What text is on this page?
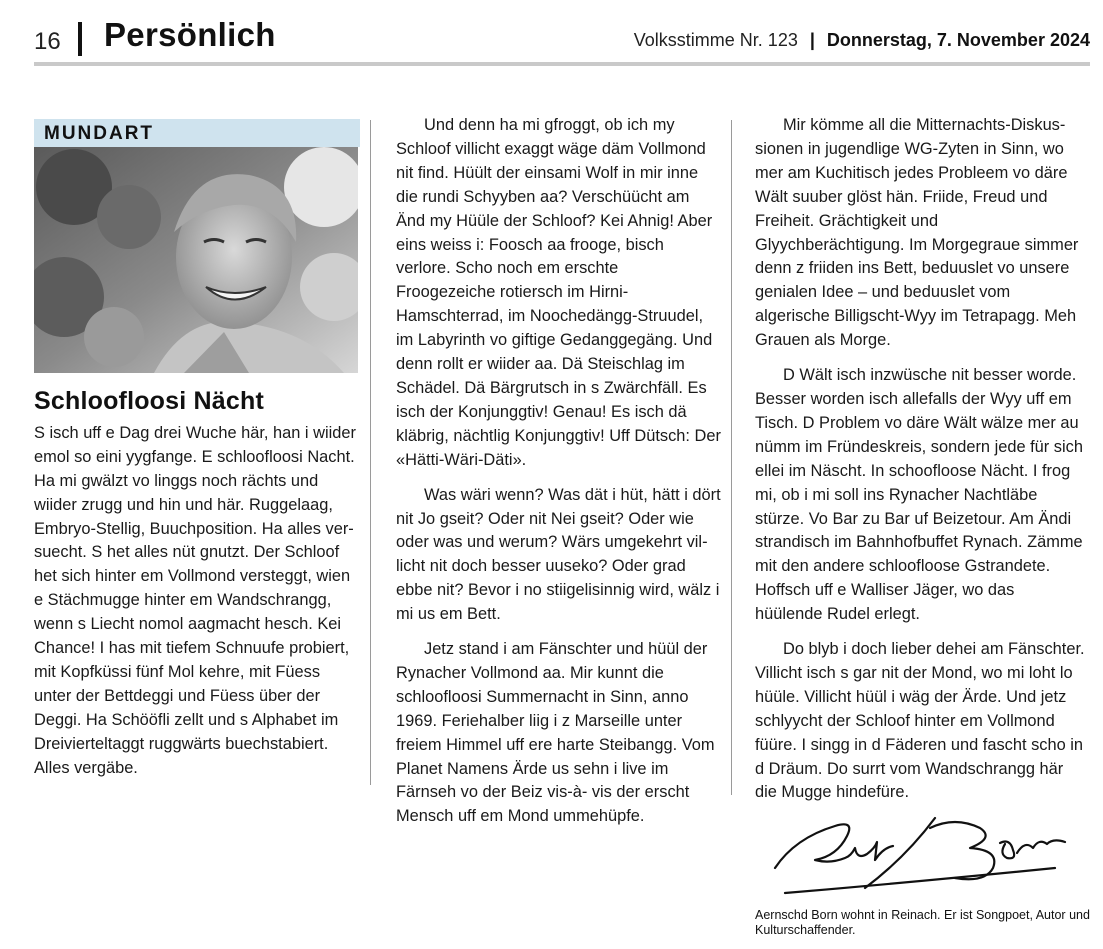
16 Persönlich	Volksstimme Nr. 123 | Donnerstag, 7. November 2024
MUNDART

Schloofloosi Nächt

S isch uff e Dag drei Wuche här, han i wiider emol so eini yygfange. E schloofloosi Nacht. Ha mi gwälzt vo linggs noch rächts und wiider zrugg und hin und här. Ruggelaag, Embryo-Stellig, Buuchposition. Ha alles versuecht. S het alles nüt gnutzt. Der Schloof het sich hinter em Vollmond versteggt, wien e Stächmugge hinter em Wandschrangg, wenn s Liecht nomol aagmacht hesch. Kei Chance! I has mit tiefem Schnuufe probiert, mit Kopfküssi fünf Mol kehre, mit Füess unter der Bettdeggi und Füess über der Deggi. Ha Schööfli zellt und s Alphabet im Dreivierteltaggt ruggwärts buechstabiert. Alles vergäbe.

Und denn ha mi gfroggt, ob ich my Schloof villicht exaggt wäge däm Vollmond nit find. Hüült der einsami Wolf in mir inne die rundi Schyyben aa? Verschüücht am Änd my Hüüle der Schloof? Kei Ahnig! Aber eins weiss i: Foosch aa frooge, bisch verlore. Scho noch em erschte Froogezeiche rotiersch im Hirni-Hamschterrad, im Noochedängg-Struudel, im Labyrinth vo giftige Gedanggegäng. Und denn rollt er wiider aa. Dä Steischlag im Schädel. Dä Bärgrutsch in s Zwärchfäll. Es isch der Konjunggtiv! Genau! Es isch dä kläbrig, nächtlig Konjunggtiv! Uff Dütsch: Der «Hätti-Wäri-Däti».

Was wäri wenn? Was dät i hüt, hätt i dört nit Jo gseit? Oder nit Nei gseit? Oder wie oder was und werum? Wärs umgekehrt villicht nit doch besser uuseko? Oder grad ebbe nit? Bevor i no stiigelisinnig wird, wälz i mi us em Bett.

Jetz stand i am Fänschter und hüül der Rynacher Vollmond aa. Mir kunnt die schloofloosi Summernacht in Sinn, anno 1969. Feriehalber liig i z Marseille unter freiem Himmel uff ere harte Steibangg. Vom Planet Namens Ärde us sehn i live im Färnseh vo der Beiz vis-à- vis der erscht Mensch uff em Mond ummehüpfe.

Mir kömme all die Mitternachts-Diskussionen in jugendlige WG-Zyten in Sinn, wo mer am Kuchitisch jedes Probleem vo däre Wält suuber glöst hän. Friide, Freud und Freiheit. Grächtigkeit und Glyychberächtigung. Im Morgegraue simmer denn z friiden ins Bett, beduuslet vo unsere genialen Idee – und beduuslet vom algerische Billigscht-Wyy im Tetrapagg. Meh Grauen als Morge.

D Wält isch inzwüsche nit besser worde. Besser worden isch allefalls der Wyy uff em Tisch. D Problem vo däre Wält wälze mer au nümm im Fründeskreis, sondern jede für sich ellei im Näscht. In schoofloose Nächt. I frog mi, ob i mi soll ins Rynacher Nachtläbe stürze. Vo Bar zu Bar uf Beizetour. Am Ändi strandisch im Bahnhofbuffet Rynach. Zämme mit den andere schloofloose Gstrandete. Hoffsch uff e Walliser Jäger, wo das hüülende Rudel erlegt.

Do blyb i doch lieber dehei am Fänschter. Villicht isch s gar nit der Mond, wo mi loht lo hüüle. Villicht hüül i wäg der Ärde. Und jetz schlyycht der Schloof hinter em Vollmond füüre. I singg in d Fäderen und fascht scho in d Dräum. Do surrt vom Wandschrangg här die Mugge hindefüre.

Aernschd Born wohnt in Reinach. Er ist Songpoet, Autor und Kulturschaffender.
